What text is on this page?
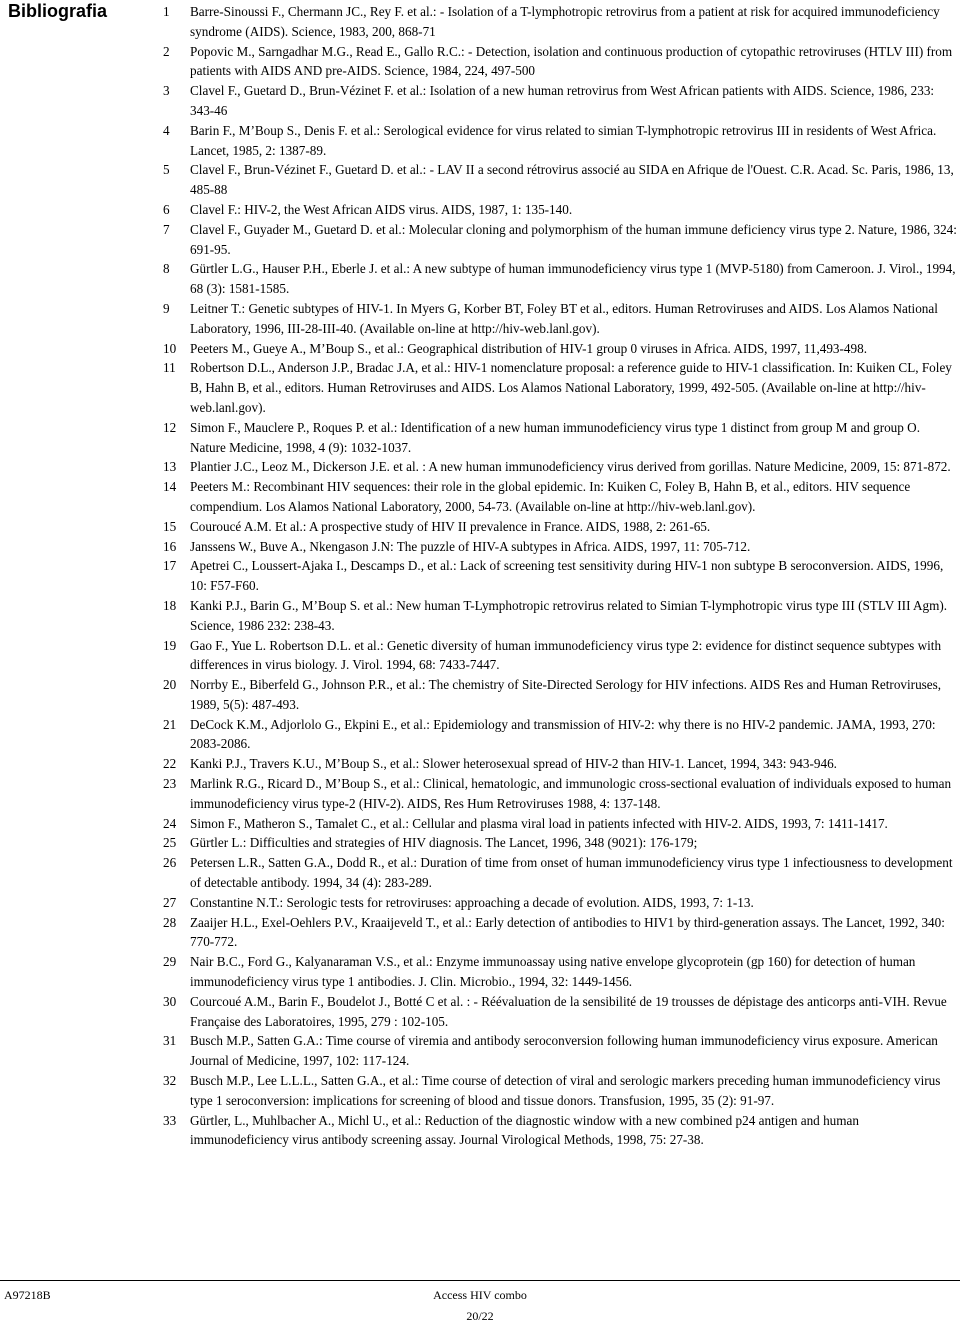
Bibliografia	1 Barre-Sinoussi F., Chermann JC., Rey F. et al.: - Isolation of a T-lymphotropic retrovirus from a patient at risk for acquired immunodeficiency syndrome (AIDS). Science, 1983, 200, 868-71
2 Popovic M., Sarngadhar M.G., Read E., Gallo R.C.: - Detection, isolation and continuous production of cytopathic retroviruses (HTLV III) from patients with AIDS AND pre-AIDS. Science, 1984, 224, 497-500
3 Clavel F., Guetard D., Brun-Vézinet F. et al.: Isolation of a new human retrovirus from West African patients with AIDS. Science, 1986, 233: 343-46
4 Barin F., M’Boup S., Denis F. et al.: Serological evidence for virus related to simian T-lymphotropic retrovirus III in residents of West Africa. Lancet, 1985, 2: 1387-89.
5 Clavel F., Brun-Vézinet F., Guetard D. et al.: - LAV II a second rétrovirus associé au SIDA en Afrique de l'Ouest. C.R. Acad. Sc. Paris, 1986, 13, 485-88
6 Clavel F.: HIV-2, the West African AIDS virus. AIDS, 1987, 1: 135-140.
7 Clavel F., Guyader M., Guetard D. et al.: Molecular cloning and polymorphism of the human immune deficiency virus type 2. Nature, 1986, 324: 691-95.
8 Gürtler L.G., Hauser P.H., Eberle J. et al.: A new subtype of human immunodeficiency virus type 1 (MVP-5180) from Cameroon. J. Virol., 1994, 68 (3): 1581-1585.
9 Leitner T.: Genetic subtypes of HIV-1. In Myers G, Korber BT, Foley BT et al., editors. Human Retroviruses and AIDS. Los Alamos National Laboratory, 1996, III-28-III-40. (Available on-line at http://hiv-web.lanl.gov).
10 Peeters M., Gueye A., M’Boup S., et al.: Geographical distribution of HIV-1 group 0 viruses in Africa. AIDS, 1997, 11,493-498.
11 Robertson D.L., Anderson J.P., Bradac J.A, et al.: HIV-1 nomenclature proposal: a reference guide to HIV-1 classification. In: Kuiken CL, Foley B, Hahn B, et al., editors. Human Retroviruses and AIDS. Los Alamos National Laboratory, 1999, 492-505. (Available on-line at http://hiv-web.lanl.gov).
12 Simon F., Mauclere P., Roques P. et al.: Identification of a new human immunodeficiency virus type 1 distinct from group M and group O. Nature Medicine, 1998, 4 (9): 1032-1037.
13 Plantier J.C., Leoz M., Dickerson J.E. et al. : A new human immunodeficiency virus derived from gorillas. Nature Medicine, 2009, 15: 871-872.
14 Peeters M.: Recombinant HIV sequences: their role in the global epidemic. In: Kuiken C, Foley B, Hahn B, et al., editors. HIV sequence compendium. Los Alamos National Laboratory, 2000, 54-73. (Available on-line at http://hiv-web.lanl.gov).
15 Couroucé A.M. Et al.: A prospective study of HIV II prevalence in France. AIDS, 1988, 2: 261-65.
16 Janssens W., Buve A., Nkengason J.N: The puzzle of HIV-A subtypes in Africa. AIDS, 1997, 11: 705-712.
17 Apetrei C., Loussert-Ajaka I., Descamps D., et al.: Lack of screening test sensitivity during HIV-1 non subtype B seroconversion. AIDS, 1996, 10: F57-F60.
18 Kanki P.J., Barin G., M’Boup S. et al.: New human T-Lymphotropic retrovirus related to Simian T-lymphotropic virus type III (STLV III Agm). Science, 1986 232: 238-43.
19 Gao F., Yue L. Robertson D.L. et al.: Genetic diversity of human immunodeficiency virus type 2: evidence for distinct sequence subtypes with differences in virus biology. J. Virol. 1994, 68: 7433-7447.
20 Norrby E., Biberfeld G., Johnson P.R., et al.: The chemistry of Site-Directed Serology for HIV infections. AIDS Res and Human Retroviruses, 1989, 5(5): 487-493.
21 DeCock K.M., Adjorlolo G., Ekpini E., et al.: Epidemiology and transmission of HIV-2: why there is no HIV-2 pandemic. JAMA, 1993, 270: 2083-2086.
22 Kanki P.J., Travers K.U., M’Boup S., et al.: Slower heterosexual spread of HIV-2 than HIV-1. Lancet, 1994, 343: 943-946.
23 Marlink R.G., Ricard D., M’Boup S., et al.: Clinical, hematologic, and immunologic cross-sectional evaluation of individuals exposed to human immunodeficiency virus type-2 (HIV-2). AIDS, Res Hum Retroviruses 1988, 4: 137-148.
24 Simon F., Matheron S., Tamalet C., et al.: Cellular and plasma viral load in patients infected with HIV-2. AIDS, 1993, 7: 1411-1417.
25 Gürtler L.: Difficulties and strategies of HIV diagnosis. The Lancet, 1996, 348 (9021): 176-179;
26 Petersen L.R., Satten G.A., Dodd R., et al.: Duration of time from onset of human immunodeficiency virus type 1 infectiousness to development of detectable antibody. 1994, 34 (4): 283-289.
27 Constantine N.T.: Serologic tests for retroviruses: approaching a decade of evolution. AIDS, 1993, 7: 1-13.
28 Zaaijer H.L., Exel-Oehlers P.V., Kraaijeveld T., et al.: Early detection of antibodies to HIV1 by third-generation assays. The Lancet, 1992, 340: 770-772.
29 Nair B.C., Ford G., Kalyanaraman V.S., et al.: Enzyme immunoassay using native envelope glycoprotein (gp 160) for detection of human immunodeficiency virus type 1 antibodies. J. Clin. Microbio., 1994, 32: 1449-1456.
30 Courcoué A.M., Barin F., Boudelot J., Botté C et al. : - Réévaluation de la sensibilité de 19 trousses de dépistage des anticorps anti-VIH. Revue Française des Laboratoires, 1995, 279 : 102-105.
31 Busch M.P., Satten G.A.: Time course of viremia and antibody seroconversion following human immunodeficiency virus exposure. American Journal of Medicine, 1997, 102: 117-124.
32 Busch M.P., Lee L.L.L., Satten G.A., et al.: Time course of detection of viral and serologic markers preceding human immunodeficiency virus type 1 seroconversion: implications for screening of blood and tissue donors. Transfusion, 1995, 35 (2): 91-97.
33 Gürtler, L., Muhlbacher A., Michl U., et al.: Reduction of the diagnostic window with a new combined p24 antigen and human immunodeficiency virus antibody screening assay. Journal Virological Methods, 1998, 75: 27-38.
A97218B	Access HIV combo
20/22
